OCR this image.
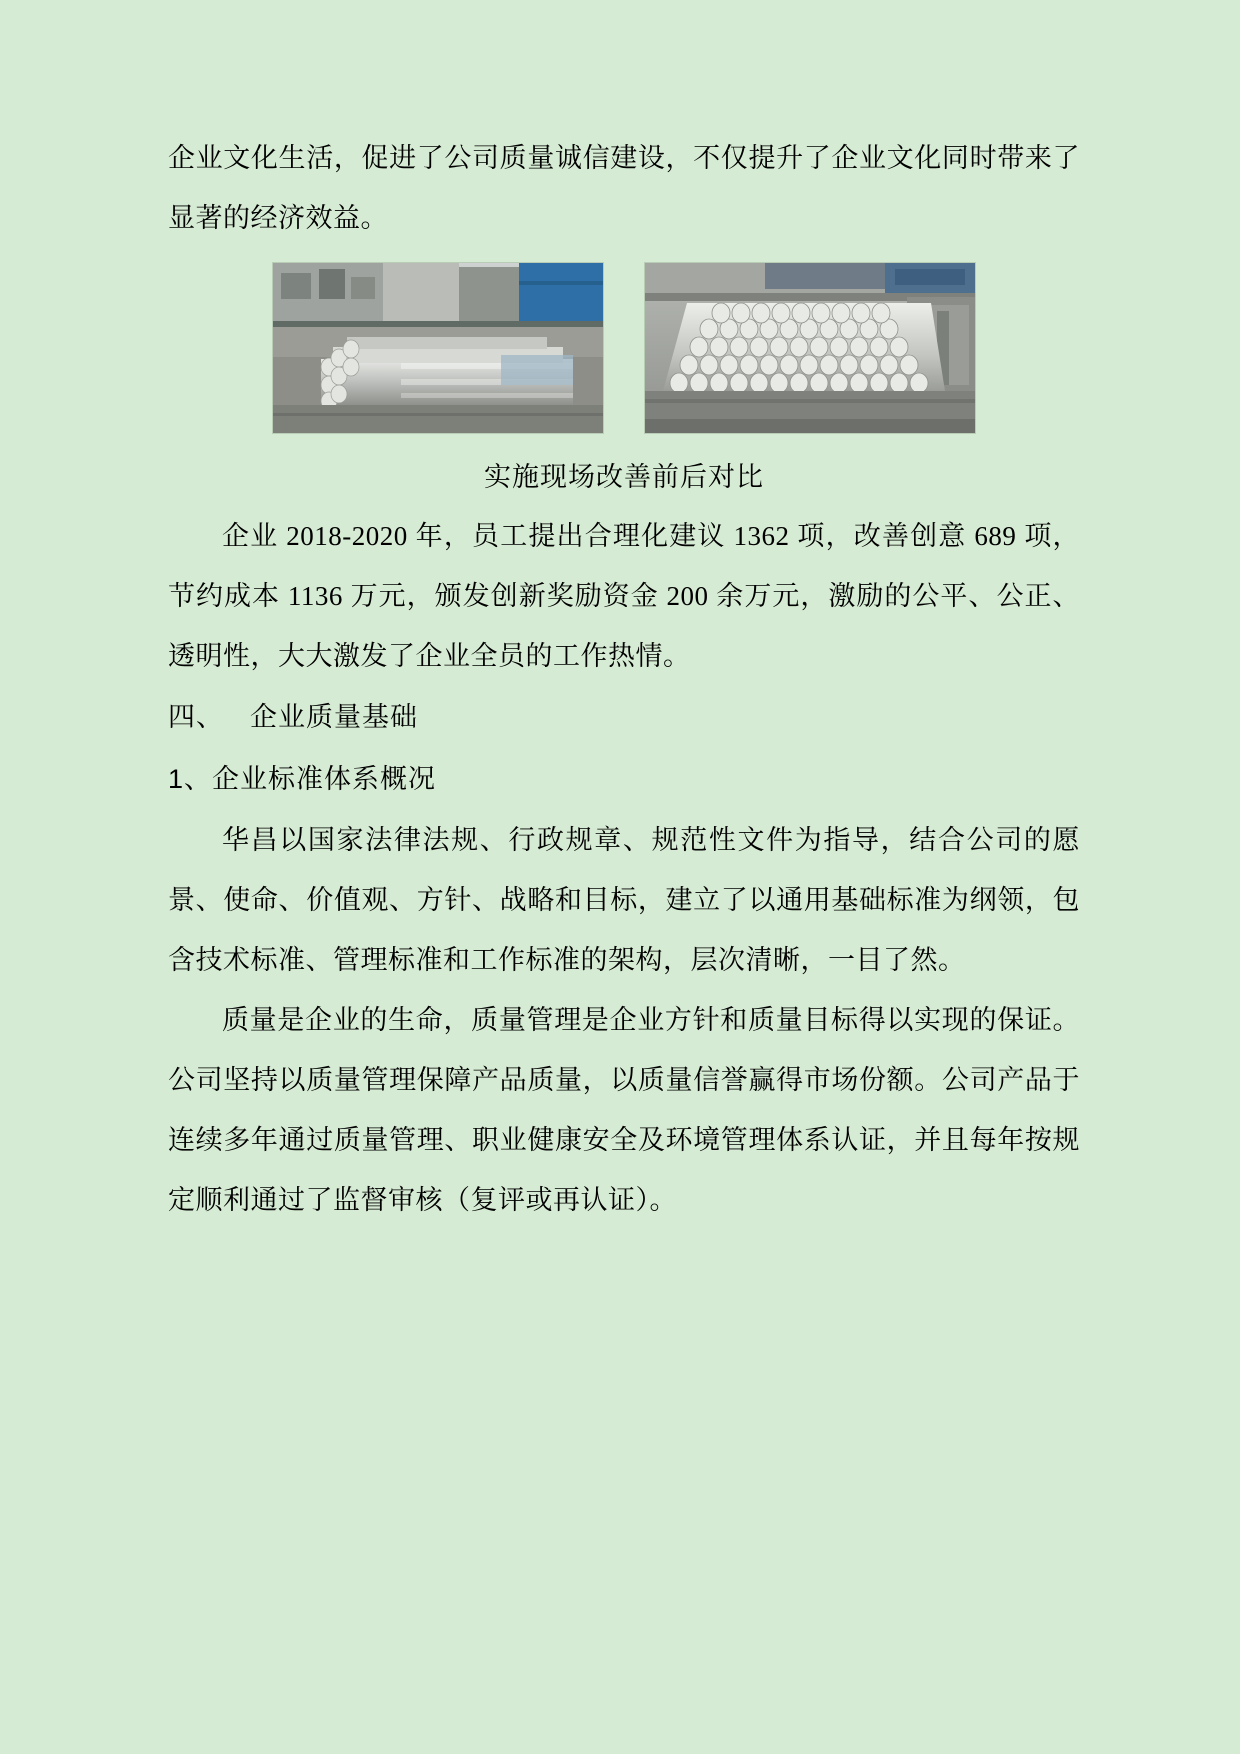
企业文化生活，促进了公司质量诚信建设，不仅提升了企业文化同时带来了显著的经济效益。

实施现场改善前后对比

企业 2018-2020 年，员工提出合理化建议 1362 项，改善创意 689 项，节约成本 1136 万元，颁发创新奖励资金 200 余万元，激励的公平、公正、透明性，大大激发了企业全员的工作热情。

四、 企业质量基础
1、企业标准体系概况

华昌以国家法律法规、行政规章、规范性文件为指导，结合公司的愿景、使命、价值观、方针、战略和目标，建立了以通用基础标准为纲领，包含技术标准、管理标准和工作标准的架构，层次清晰，一目了然。

质量是企业的生命，质量管理是企业方针和质量目标得以实现的保证。公司坚持以质量管理保障产品质量，以质量信誉赢得市场份额。公司产品于连续多年通过质量管理、职业健康安全及环境管理体系认证，并且每年按规定顺利通过了监督审核（复评或再认证）。
